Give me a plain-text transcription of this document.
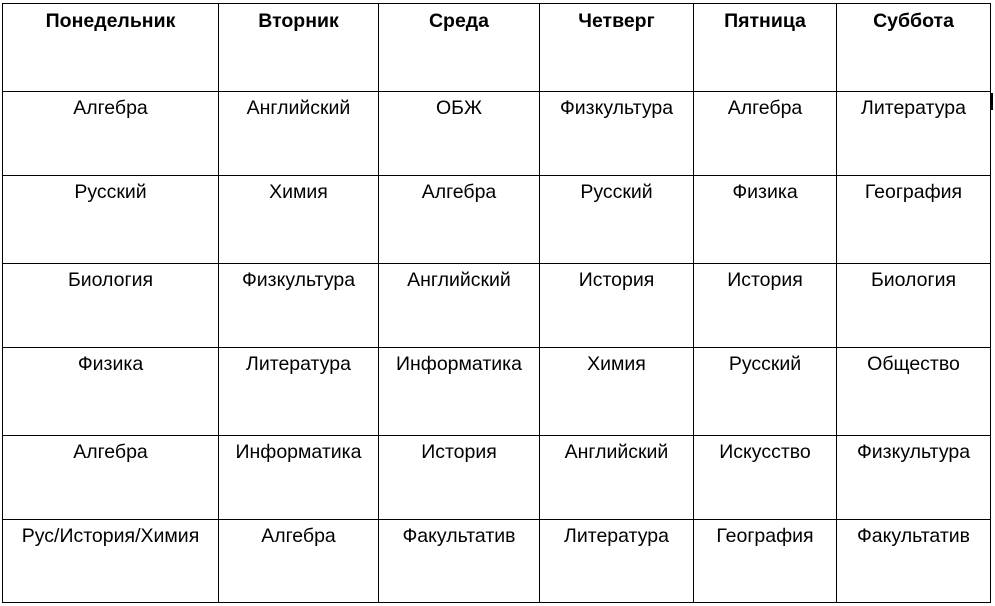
Понедельник	Вторник	Среда	Четверг	Пятница	Суббота
Алгебра	Английский	ОБЖ	Физкультура	Алгебра	Литература
Русский	Химия	Алгебра	Русский	Физика	География
Биология	Физкультура	Английский	История	История	Биология
Физика	Литература	Информатика	Химия	Русский	Общество
Алгебра	Информатика	История	Английский	Искусство	Физкультура
Рус/История/Химия	Алгебра	Факультатив	Литература	География	Факультатив
